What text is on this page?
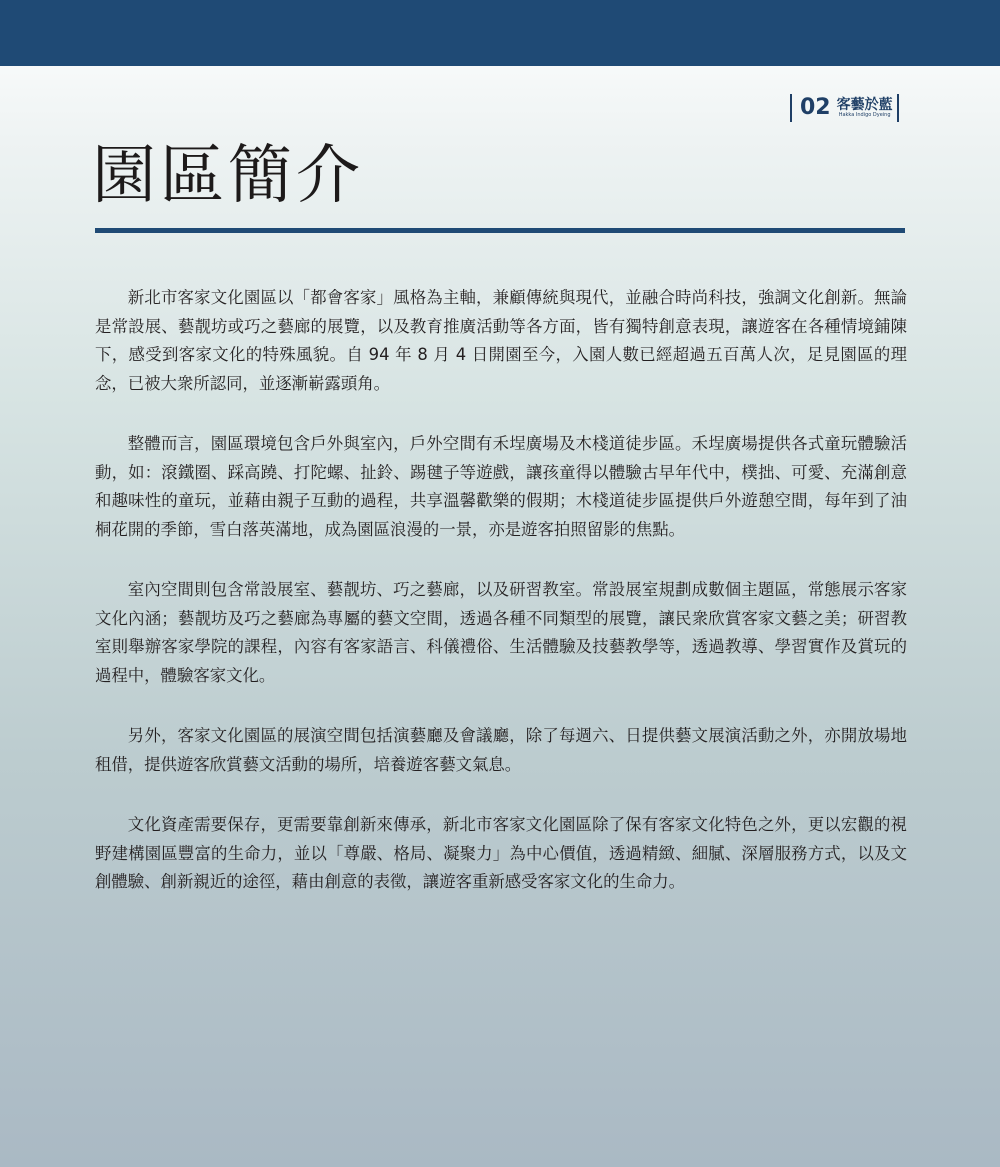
02 客藝於藍
Hakka Indigo Dyeing
園區簡介

新北市客家文化園區以「都會客家」風格為主軸，兼顧傳統與現代，並融合時尚科技，強調文化創新。無論是常設展、藝靓坊或巧之藝廊的展覽，以及教育推廣活動等各方面，皆有獨特創意表現，讓遊客在各種情境鋪陳下，感受到客家文化的特殊風貌。自 94 年 8 月 4 日開園至今，入園人數已經超過五百萬人次，足見園區的理念，已被大衆所認同，並逐漸嶄露頭角。

整體而言，園區環境包含戶外與室內，戶外空間有禾埕廣場及木棧道徒步區。禾埕廣場提供各式童玩體驗活動，如：滾鐵圈、踩高蹺、打陀螺、扯鈴、踢毽子等遊戲，讓孩童得以體驗古早年代中，樸拙、可愛、充滿創意和趣味性的童玩，並藉由親子互動的過程，共享溫馨歡樂的假期；木棧道徒步區提供戶外遊憩空間，每年到了油桐花開的季節，雪白落英滿地，成為園區浪漫的一景，亦是遊客拍照留影的焦點。

室內空間則包含常設展室、藝靓坊、巧之藝廊，以及研習教室。常設展室規劃成數個主題區，常態展示客家文化內涵；藝靓坊及巧之藝廊為專屬的藝文空間，透過各種不同類型的展覽，讓民衆欣賞客家文藝之美；研習教室則舉辦客家學院的課程，內容有客家語言、科儀禮俗、生活體驗及技藝教學等，透過教導、學習實作及賞玩的過程中，體驗客家文化。

另外，客家文化園區的展演空間包括演藝廳及會議廳，除了每週六、日提供藝文展演活動之外，亦開放場地租借，提供遊客欣賞藝文活動的場所，培養遊客藝文氣息。

文化資產需要保存，更需要靠創新來傳承，新北市客家文化園區除了保有客家文化特色之外，更以宏觀的視野建構園區豐富的生命力，並以「尊嚴、格局、凝聚力」為中心價值，透過精緻、細膩、深層服務方式，以及文創體驗、創新親近的途徑，藉由創意的表徵，讓遊客重新感受客家文化的生命力。
